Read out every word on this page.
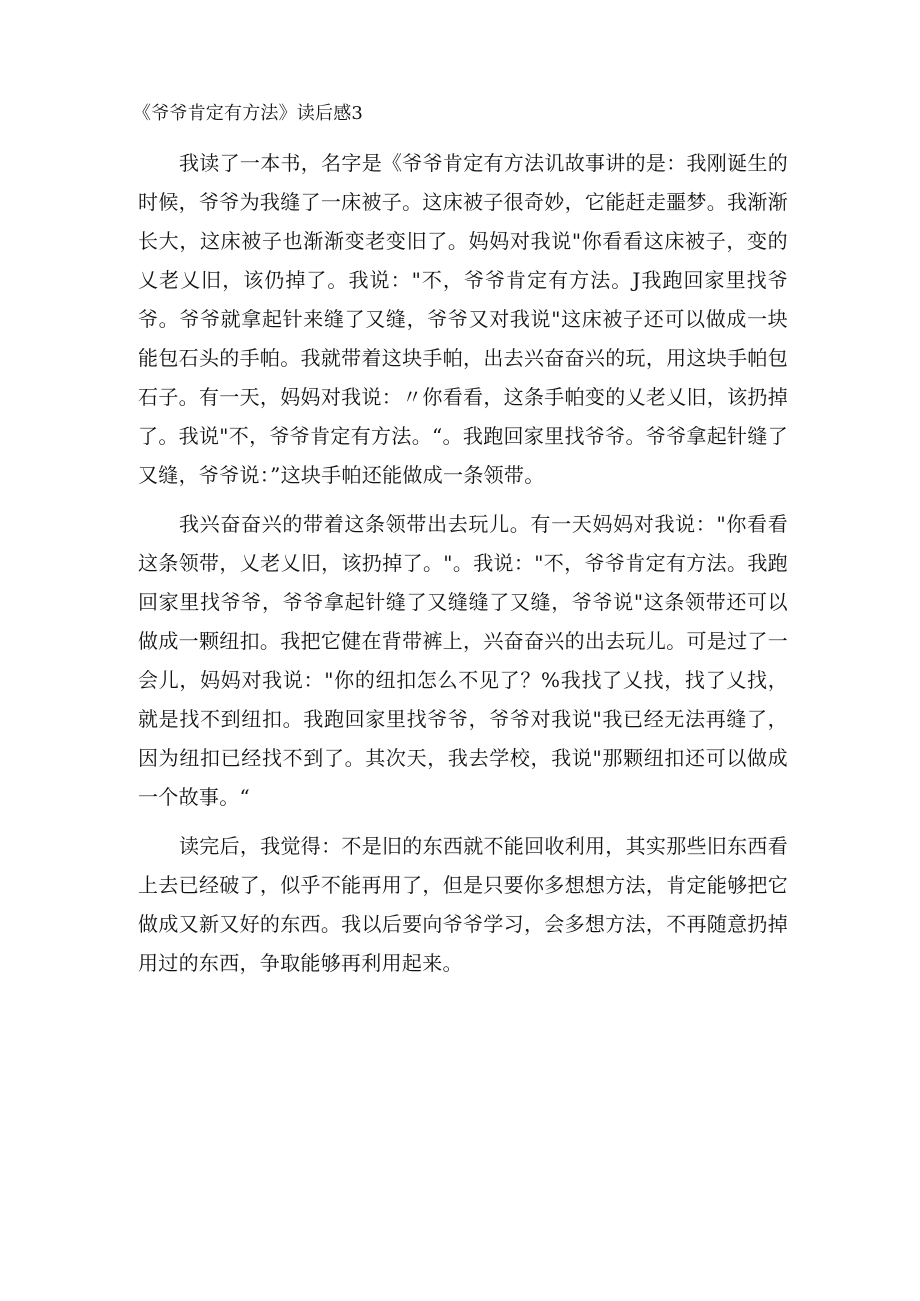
《爷爷肯定有方法》读后感3

我读了一本书，名字是《爷爷肯定有方法讥故事讲的是：我刚诞生的时候，爷爷为我缝了一床被子。这床被子很奇妙，它能赶走噩梦。我渐渐长大，这床被子也渐渐变老变旧了。妈妈对我说"你看看这床被子，变的乂老乂旧，该仍掉了。我说："不，爷爷肯定有方法。J我跑回家里找爷爷。爷爷就拿起针来缝了又缝，爷爷又对我说"这床被子还可以做成一块能包石头的手帕。我就带着这块手帕，出去兴奋奋兴的玩，用这块手帕包石子。有一天，妈妈对我说：〃你看看，这条手帕变的乂老乂旧，该扔掉了。我说"不，爷爷肯定有方法。“。我跑回家里找爷爷。爷爷拿起针缝了又缝，爷爷说：”这块手帕还能做成一条领带。

我兴奋奋兴的带着这条领带出去玩儿。有一天妈妈对我说："你看看这条领带，乂老乂旧，该扔掉了。"。我说："不，爷爷肯定有方法。我跑回家里找爷爷，爷爷拿起针缝了又缝缝了又缝，爷爷说"这条领带还可以做成一颗纽扣。我把它健在背带裤上，兴奋奋兴的出去玩儿。可是过了一会儿，妈妈对我说："你的纽扣怎么不见了？%我找了乂找，找了乂找，就是找不到纽扣。我跑回家里找爷爷，爷爷对我说"我已经无法再缝了，因为纽扣已经找不到了。其次天，我去学校，我说"那颗纽扣还可以做成一个故事。“

读完后，我觉得：不是旧的东西就不能回收利用，其实那些旧东西看上去已经破了，似乎不能再用了，但是只要你多想想方法，肯定能够把它做成又新又好的东西。我以后要向爷爷学习，会多想方法，不再随意扔掉用过的东西，争取能够再利用起来。
